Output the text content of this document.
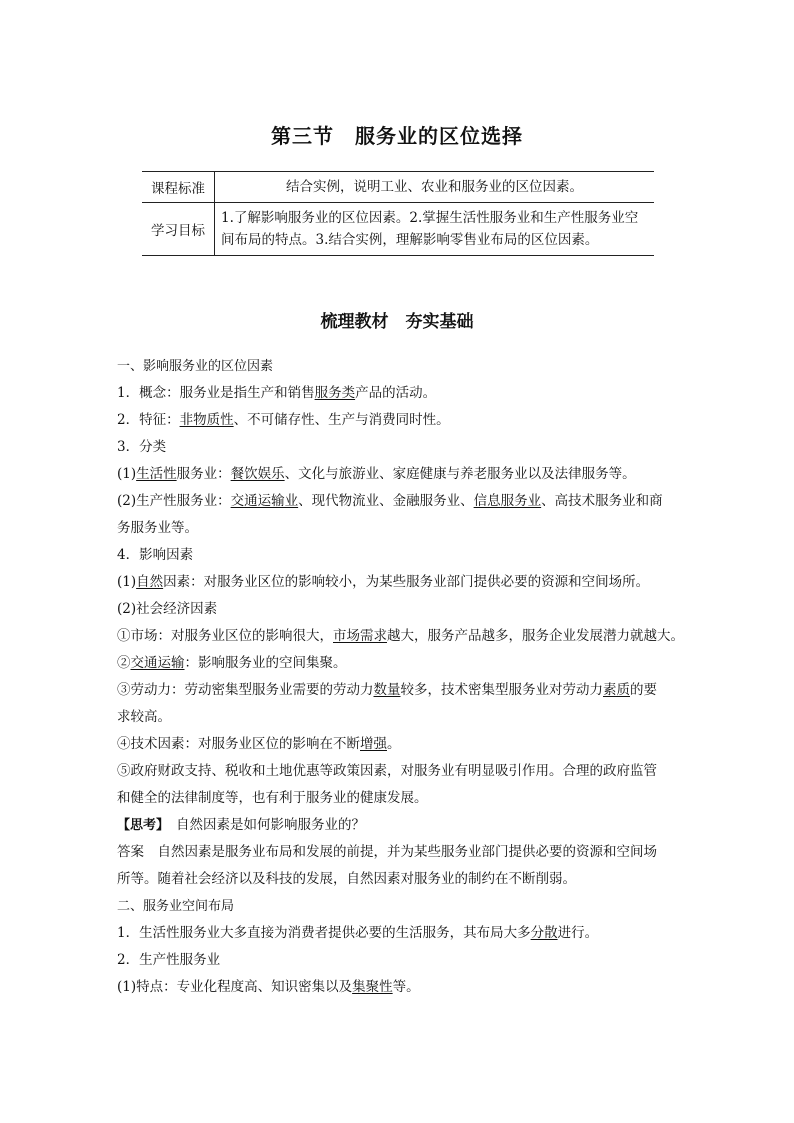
第三节　服务业的区位选择
课程标准	结合实例，说明工业、农业和服务业的区位因素。
学习目标	1.了解影响服务业的区位因素。2.掌握生活性服务业和生产性服务业空
间布局的特点。3.结合实例，理解影响零售业布局的区位因素。
梳理教材　夯实基础
一、影响服务业的区位因素
1．概念：服务业是指生产和销售服务类产品的活动。
2．特征：非物质性、不可储存性、生产与消费同时性。
3．分类
(1)生活性服务业：餐饮娱乐、文化与旅游业、家庭健康与养老服务业以及法律服务等。
(2)生产性服务业：交通运输业、现代物流业、金融服务业、信息服务业、高技术服务业和商
务服务业等。
4．影响因素
(1)自然因素：对服务业区位的影响较小，为某些服务业部门提供必要的资源和空间场所。
(2)社会经济因素
①市场：对服务业区位的影响很大，市场需求越大，服务产品越多，服务企业发展潜力就越大。
②交通运输：影响服务业的空间集聚。
③劳动力：劳动密集型服务业需要的劳动力数量较多，技术密集型服务业对劳动力素质的要
求较高。
④技术因素：对服务业区位的影响在不断增强。
⑤政府财政支持、税收和土地优惠等政策因素，对服务业有明显吸引作用。合理的政府监管
和健全的法律制度等，也有利于服务业的健康发展。
【思考】　自然因素是如何影响服务业的？
答案　自然因素是服务业布局和发展的前提，并为某些服务业部门提供必要的资源和空间场
所等。随着社会经济以及科技的发展，自然因素对服务业的制约在不断削弱。
二、服务业空间布局
1．生活性服务业大多直接为消费者提供必要的生活服务，其布局大多分散进行。
2．生产性服务业
(1)特点：专业化程度高、知识密集以及集聚性等。
